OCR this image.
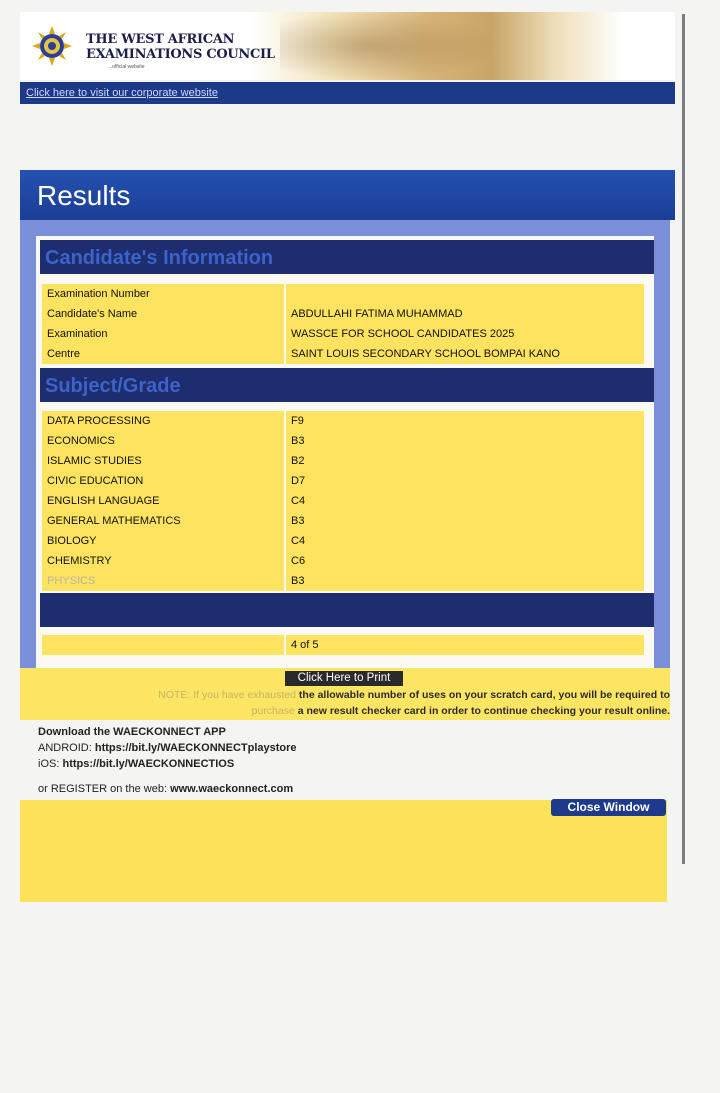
THE WEST AFRICAN
EXAMINATIONS COUNCIL
...official website
Click here to visit our corporate website
Results
Candidate's Information
Examination Number
Candidate's Name	ABDULLAHI FATIMA MUHAMMAD
Examination	WASSCE FOR SCHOOL CANDIDATES 2025
Centre	SAINT LOUIS SECONDARY SCHOOL BOMPAI KANO
Subject/Grade
DATA PROCESSING	F9
ECONOMICS	B3
ISLAMIC STUDIES	B2
CIVIC EDUCATION	D7
ENGLISH LANGUAGE	C4
GENERAL MATHEMATICS	B3
BIOLOGY	C4
CHEMISTRY	C6
PHYSICS	B3
4 of 5
Click Here to Print
NOTE: If you have exhausted the allowable number of uses on your scratch card, you will be required to
purchase a new result checker card in order to continue checking your result online.
Download the WAECKONNECT APP
ANDROID: https://bit.ly/WAECKONNECTplaystore
iOS: https://bit.ly/WAECKONNECTIOS
or REGISTER on the web: www.waeckonnect.com
Close Window
